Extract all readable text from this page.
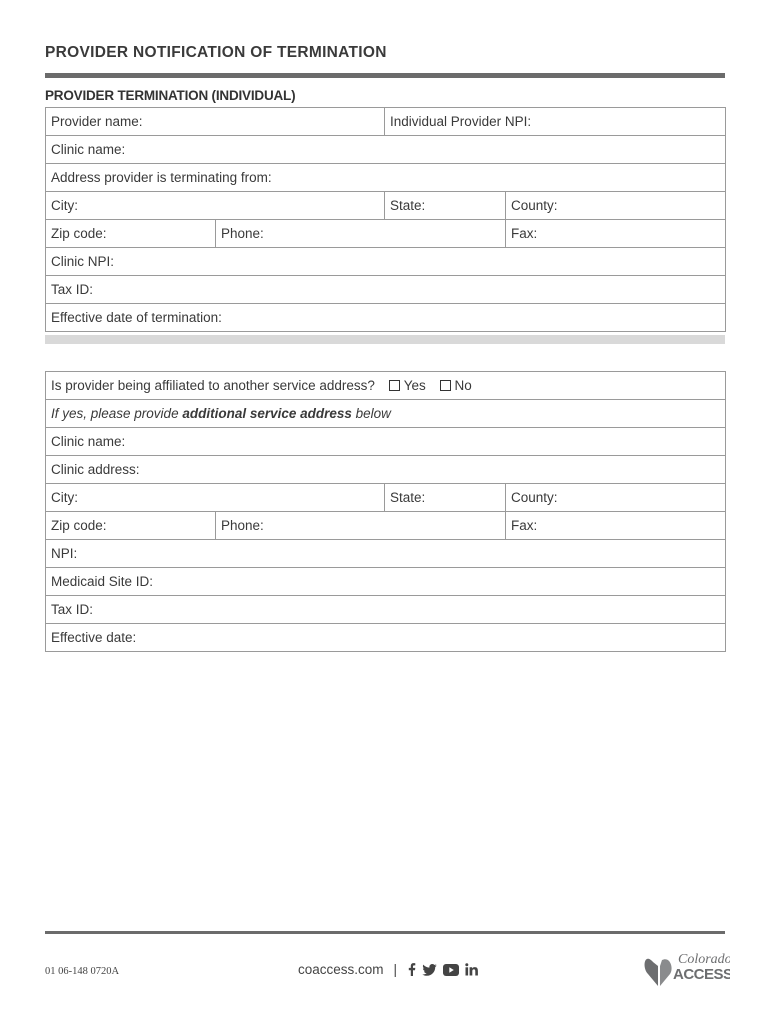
PROVIDER NOTIFICATION OF TERMINATION
PROVIDER TERMINATION (INDIVIDUAL)
Provider name:		Individual Provider NPI:	
Clinic name:			
Address provider is terminating from:			
City:		State:	County:
Zip code:	Phone:		Fax:
Clinic NPI:			
Tax ID:			
Effective date of termination:			
Is provider being affiliated to another service address? Yes No			
If yes, please provide additional service address below			
Clinic name:			
Clinic address:			
City:		State:	County:
Zip code:	Phone:		Fax:
NPI:			
Medicaid Site ID:			
Tax ID:			
Effective date:			
01 06-148 0720A	coaccess.com |
Colorado
ACCESS
